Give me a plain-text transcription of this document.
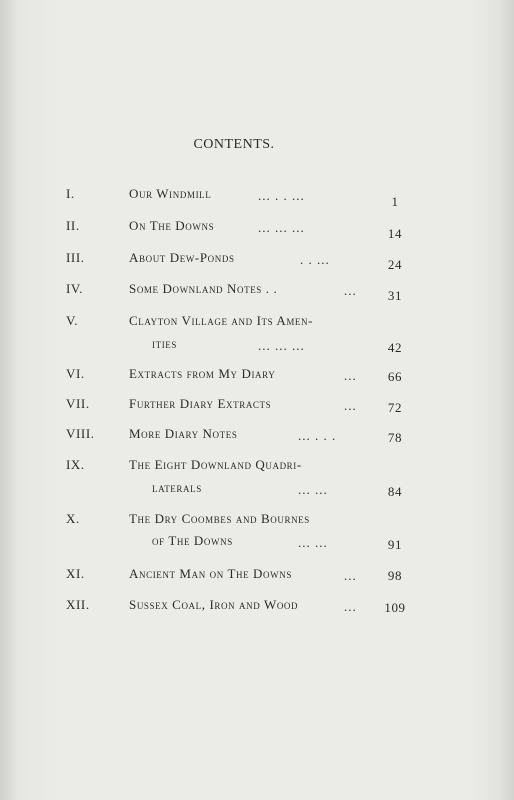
CONTENTS.
I.	Our Windmill	... . . ...	1
II.	On The Downs	... ... ...	14
III.	About Dew-Ponds	. . ...	24
IV.	Some Downland Notes . .	...	31
V.	Clayton Village and Its Amen-
ities	... ... ...	42
VI.	Extracts from My Diary	...	66
VII.	Further Diary Extracts	...	72
VIII.	More Diary Notes	... . . .	78
IX.	The Eight Downland Quadri-
laterals	... ...	84
X.	The Dry Coombes and Bournes
of The Downs	... ...	91
XI.	Ancient Man on The Downs	...	98
XII.	Sussex Coal, Iron and Wood	... 109
